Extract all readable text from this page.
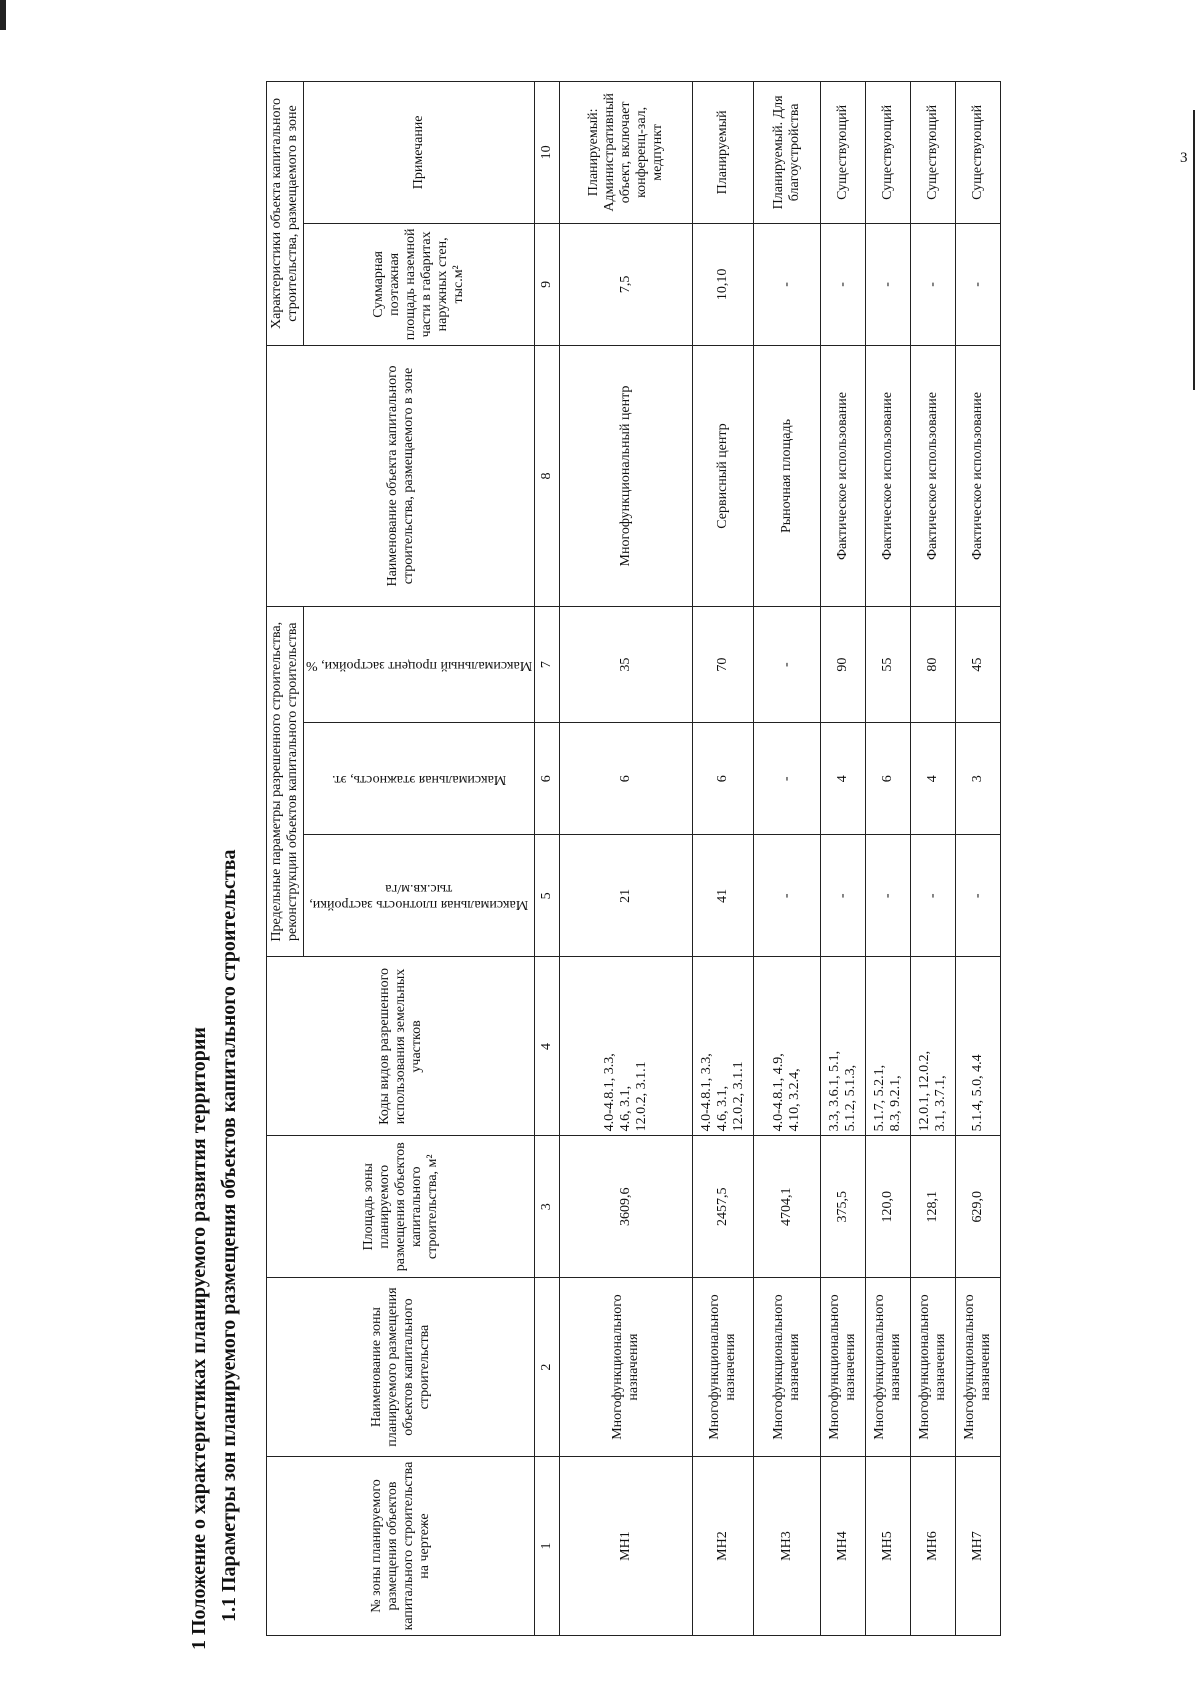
3

1 Положение о характеристиках планируемого развития территории 1.1 Параметры зон планируемого размещения объектов капитального строительства	№ зоны планируемого размещения объектов капитального строительства на чертеже	Наименование зоны планируемого размещения объектов капитального строительства	Площадь зоны планируемого размещения объектов капитального строительства, м²	Коды видов разрешенного использования земельных участков	Предельные параметры разрешенного строительства, реконструкции объектов капитального строительства			Наименование объекта капитального строительства, размещаемого в зоне	Характеристики объекта капитального строительства, размещаемого в зоне	

				Максимальная плотность застройки, тыс.кв.м/га	Максимальная этажность, эт.	Максимальный процент застройки, %		Суммарная поэтажная площадь наземной части в габаритах наружных стен, тыс.м²	Примечание
1	2	3	4	5	6	7	8	9	10
МН1	Многофункционального назначения	3609,6	4.0-4.8.1, 3.3,
4.6, 3.1,
12.0.2, 3.1.1	21	6	35	Многофункциональный центр	7,5	Планируемый: Административный объект, включает конференц-зал, медпункт
МН2	Многофункционального назначения	2457,5	4.0-4.8.1, 3.3,
4.6, 3.1,
12.0.2, 3.1.1	41	6	70	Сервисный центр	10,10	Планируемый
МН3	Многофункционального назначения	4704,1	4.0-4.8.1, 4.9,
4.10, 3.2.4,	-	-	-	Рыночная площадь	-	Планируемый. Для благоустройства
МН4	Многофункционального назначения	375,5	3.3, 3.6.1, 5.1,
5.1.2, 5.1.3,	-	4	90	Фактическое использование	-	Существующий
МН5	Многофункционального назначения	120,0	5.1.7, 5.2.1,
8.3, 9.2.1,	-	6	55	Фактическое использование	-	Существующий
МН6	Многофункционального назначения	128,1	12.0.1, 12.0.2,
3.1, 3.7.1,	-	4	80	Фактическое использование	-	Существующий
МН7	Многофункционального назначения	629,0	5.1.4, 5.0, 4.4	-	3	45	Фактическое использование	-	Существующий
